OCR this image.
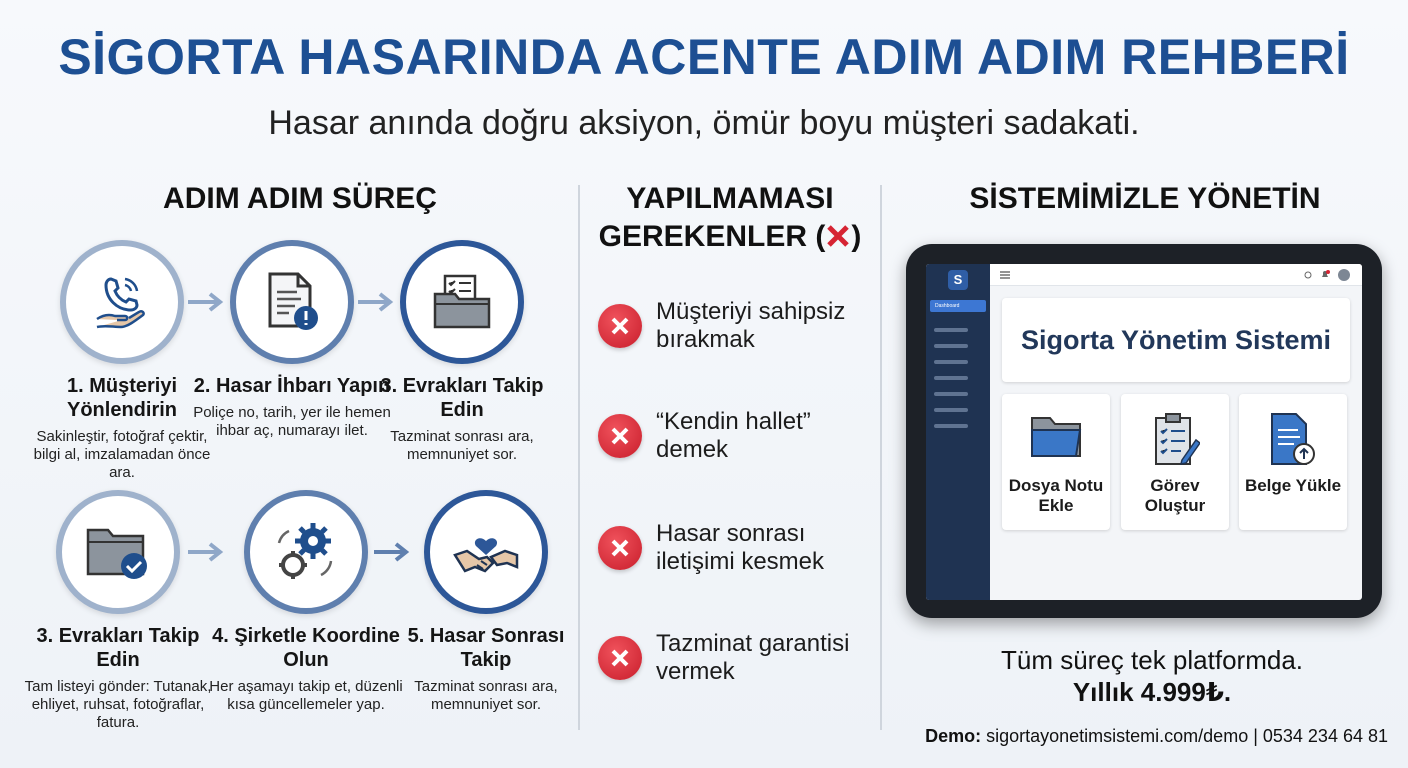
SİGORTA HASARINDA ACENTE ADIM ADIM REHBERİ
Hasar anında doğru aksiyon, ömür boyu müşteri sadakati.
ADIM ADIM SÜREÇ
1. Müşteriyi Yönlendirin
Sakinleştir, fotoğraf çektir, bilgi al, imzalamadan önce ara.
2. Hasar İhbarı Yapın
Poliçe no, tarih, yer ile hemen ihbar aç, numarayı ilet.
3. Evrakları Takip Edin
Tazminat sonrası ara, memnuniyet sor.
3. Evrakları Takip Edin
Tam listeyi gönder: Tutanak, ehliyet, ruhsat, fotoğraflar, fatura.
4. Şirketle Koordine Olun
Her aşamayı takip et, düzenli kısa güncellemeler yap.
5. Hasar Sonrası Takip
Tazminat sonrası ara, memnuniyet sor.
YAPILMAMASI
GEREKENLER ( )
Müşteriyi sahipsiz bırakmak
“Kendin hallet” demek
Hasar sonrası iletişimi kesmek
Tazminat garantisi vermek
SİSTEMİMİZLE YÖNETİN
S
Dashboard
Sigorta Yönetim Sistemi
Dosya Notu Ekle
Görev Oluştur
Belge Yükle
Tüm süreç tek platformda.
Yıllık 4.999₺.
Demo: sigortayonetimsistemi.com/demo | 0534 234 64 81
